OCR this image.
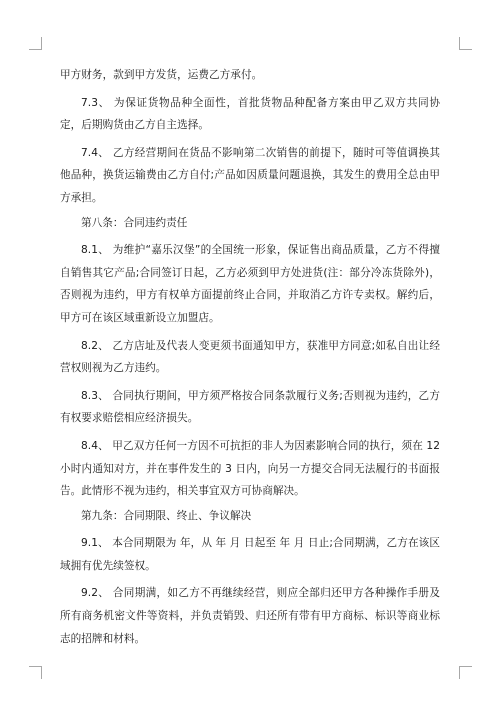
甲方财务，款到甲方发货，运费乙方承付。

7.3、 为保证货物品种全面性，首批货物品种配备方案由甲乙双方共同协定，后期购货由乙方自主选择。

7.4、 乙方经营期间在货品不影响第二次销售的前提下，随时可等值调换其他品种，换货运输费由乙方自付;产品如因质量问题退换，其发生的费用全总由甲方承担。

第八条：合同违约责任

8.1、 为维护“嘉乐汉堡”的全国统一形象，保证售出商品质量，乙方不得擅自销售其它产品;合同签订日起，乙方必须到甲方处进货(注：部分冷冻货除外)，否则视为违约，甲方有权单方面提前终止合同，并取消乙方许专卖权。解约后，甲方可在该区域重新设立加盟店。

8.2、 乙方店址及代表人变更须书面通知甲方，获准甲方同意;如私自出让经营权则视为乙方违约。

8.3、 合同执行期间，甲方须严格按合同条款履行义务;否则视为违约，乙方有权要求赔偿相应经济损失。

8.4、 甲乙双方任何一方因不可抗拒的非人为因素影响合同的执行，须在 12 小时内通知对方，并在事件发生的 3 日内，向另一方提交合同无法履行的书面报告。此情形不视为违约，相关事宜双方可协商解决。

第九条：合同期限、终止、争议解决

9.1、 本合同期限为 年，从 年 月 日起至 年 月 日止;合同期满，乙方在该区域拥有优先续签权。

9.2、 合同期满，如乙方不再继续经营，则应全部归还甲方各种操作手册及所有商务机密文件等资料，并负责销毁、归还所有带有甲方商标、标识等商业标志的招牌和材料。
